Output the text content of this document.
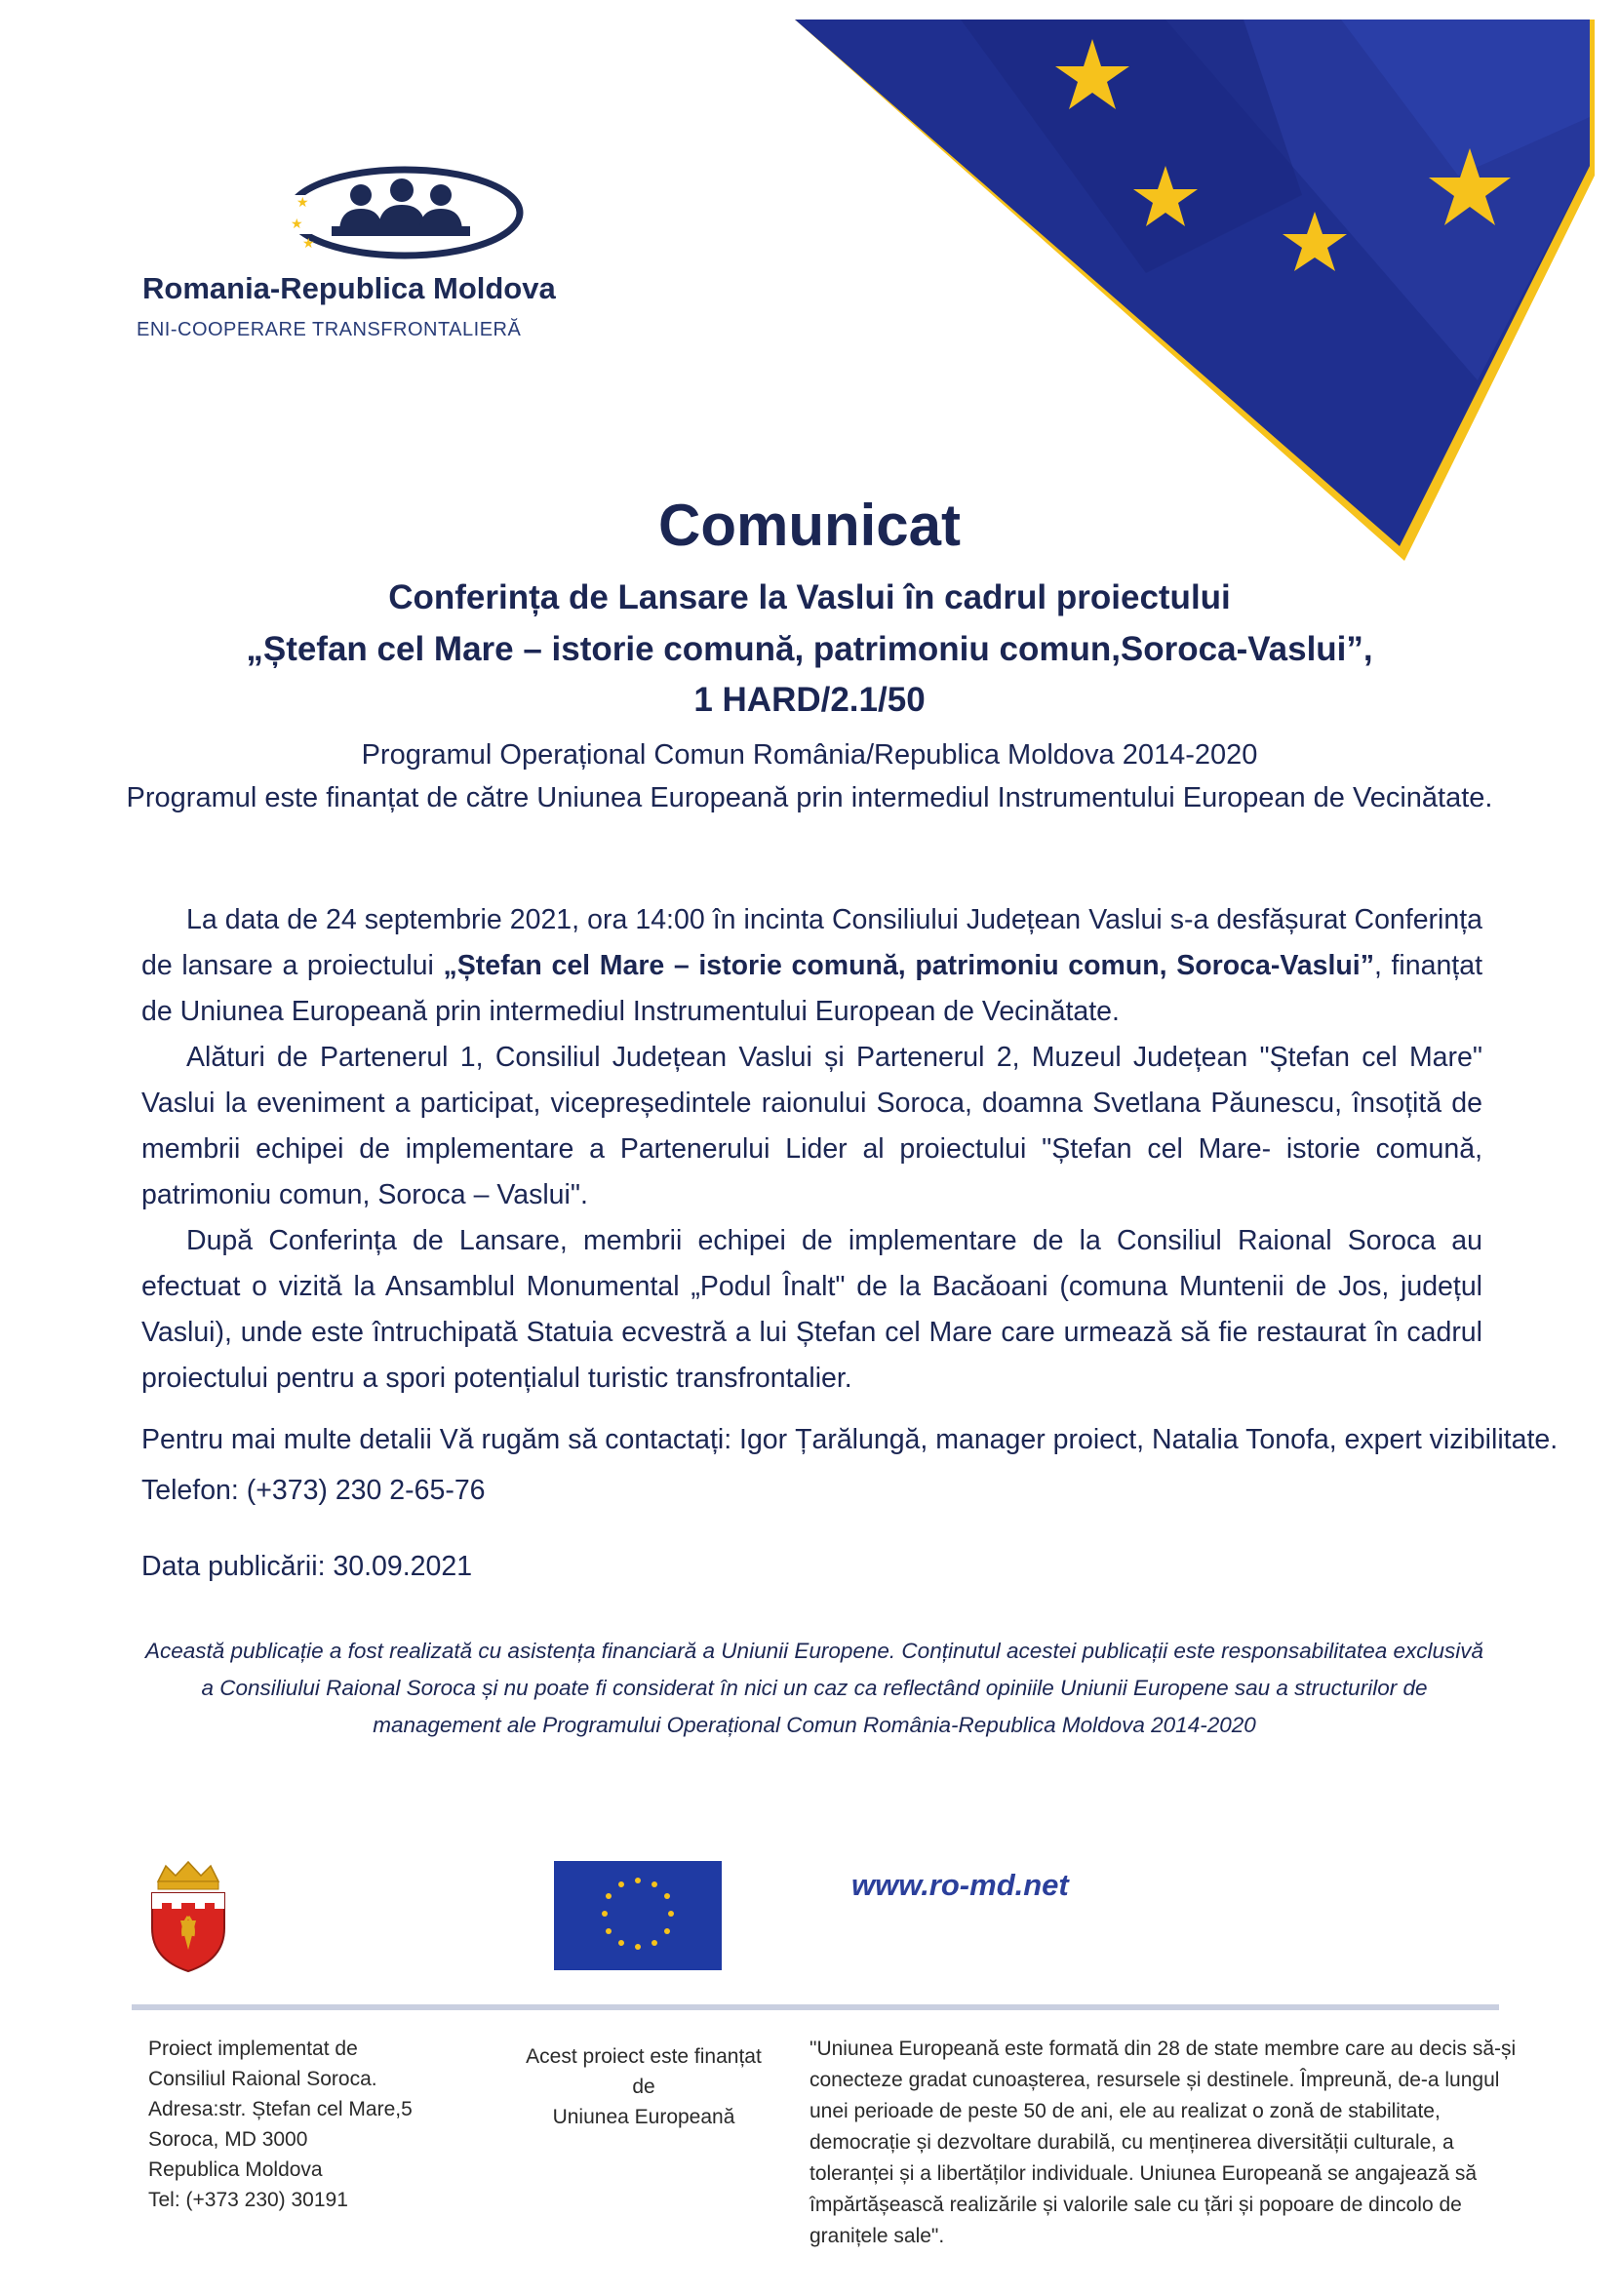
★
★
★
Romania-Republica Moldova
ENI-COOPERARE TRANSFRONTALIERĂ
Comunicat
Conferința de Lansare la Vaslui în cadrul proiectului
„Ștefan cel Mare – istorie comună, patrimoniu comun,Soroca-Vaslui”,
1 HARD/2.1/50
Programul Operațional Comun România/Republica Moldova 2014-2020
Programul este finanțat de către Uniunea Europeană prin intermediul Instrumentului European de Vecinătate.

La data de 24 septembrie 2021, ora 14:00 în incinta Consiliului Județean Vaslui s-a desfășurat Conferința de lansare a proiectului „Ștefan cel Mare – istorie comună, patrimoniu comun, Soroca-Vaslui”, finanțat de Uniunea Europeană prin intermediul Instrumentului European de Vecinătate.

Alături de Partenerul 1, Consiliul Județean Vaslui și Partenerul 2, Muzeul Județean "Ștefan cel Mare" Vaslui la eveniment a participat, vicepreședintele raionului Soroca, doamna Svetlana Păunescu, însoțită de membrii echipei de implementare a Partenerului Lider al proiectului "Ștefan cel Mare- istorie comună, patrimoniu comun, Soroca – Vaslui".

După Conferința de Lansare, membrii echipei de implementare de la Consiliul Raional Soroca au efectuat o vizită la Ansamblul Monumental „Podul Înalt" de la Bacăoani (comuna Muntenii de Jos, județul Vaslui), unde este întruchipată Statuia ecvestră a lui Ștefan cel Mare care urmează să fie restaurat în cadrul proiectului pentru a spori potențialul turistic transfrontalier.

Pentru mai multe detalii Vă rugăm să contactați: Igor Țarălungă, manager proiect, Natalia Tonofa, expert vizibilitate.

Telefon: (+373) 230 2-65-76

Data publicării: 30.09.2021
Această publicație a fost realizată cu asistența financiară a Uniunii Europene. Conținutul acestei publicații este responsabilitatea exclusivă
a Consiliului Raional Soroca și nu poate fi considerat în nici un caz ca reflectând opiniile Uniunii Europene sau a structurilor de
management ale Programului Operațional Comun România-Republica Moldova 2014-2020
www.ro-md.net
Proiect implementat de
Consiliul Raional Soroca.
Adresa:str. Ștefan cel Mare,5
Soroca, MD 3000
Republica Moldova
Tel: (+373 230) 30191
Acest proiect este finanțat
de
Uniunea Europeană
"Uniunea Europeană este formată din 28 de state membre care au decis să-și
conecteze gradat cunoașterea, resursele și destinele. Împreună, de-a lungul
unei perioade de peste 50 de ani, ele au realizat o zonă de stabilitate,
democrație și dezvoltare durabilă, cu menținerea diversității culturale, a
toleranței și a libertăților individuale. Uniunea Europeană se angajează să
împărtășească realizările și valorile sale cu țări și popoare de dincolo de
granițele sale".
